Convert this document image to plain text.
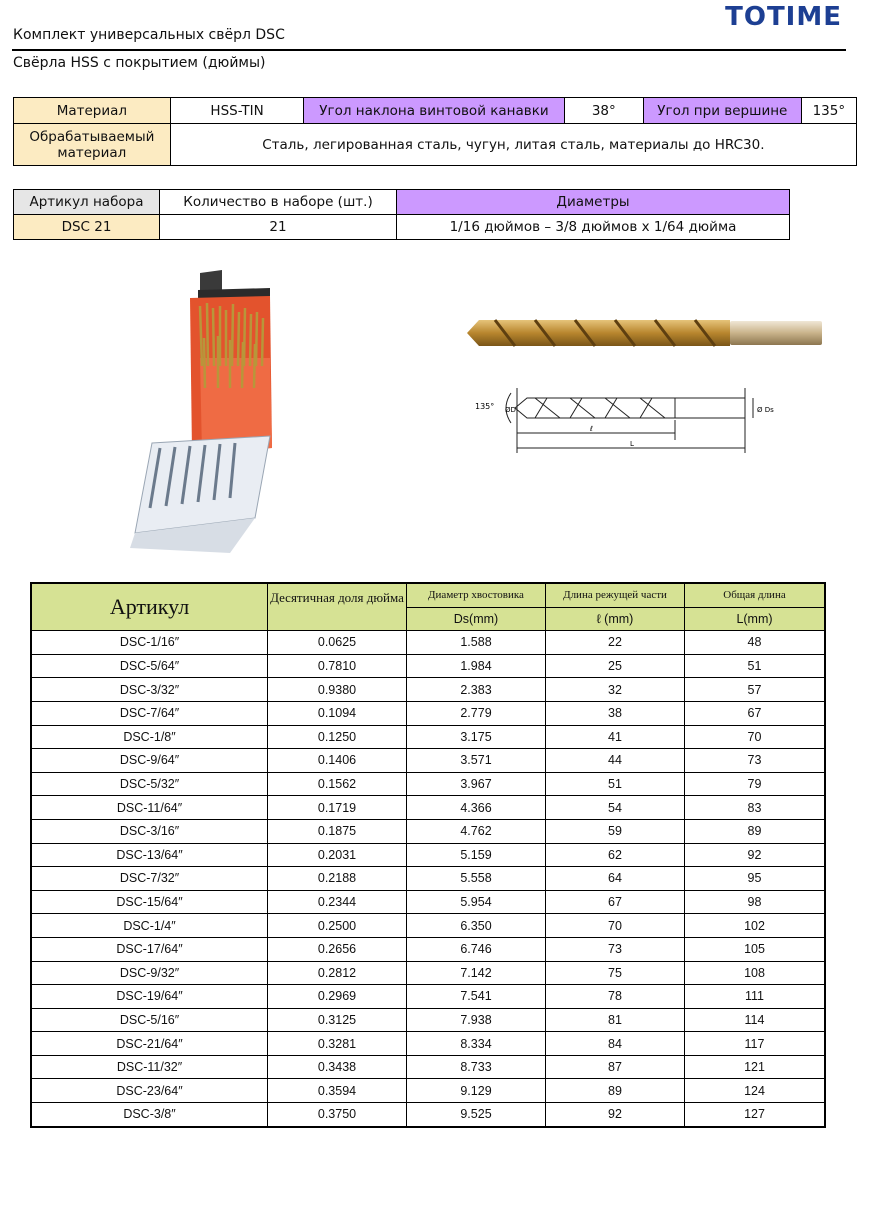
TOTIME
Комплект универсальных свёрл DSC
Свёрла HSS с покрытием (дюймы)
Материал	HSS-TIN	Угол наклона винтовой канавки	38°	Угол при вершине	135°
Обрабатываемый материал	Сталь, легированная сталь, чугун, литая сталь, материалы до HRC30.				
Артикул набора	Количество в наборе (шт.)	Диаметры
DSC 21	21	1/16 дюймов – 3/8 дюймов х 1/64 дюйма
135° ØD	Ø Ds
ℓ
L
Артикул	Десятичная доля дюйма	Диаметр хвостовика	Длина режущей части	Общая длина
		Ds(mm)	ℓ (mm)	L(mm)
DSC-1/16″	0.0625	1.588	22	48
DSC-5/64″	0.7810	1.984	25	51
DSC-3/32″	0.9380	2.383	32	57
DSC-7/64″	0.1094	2.779	38	67
DSC-1/8″	0.1250	3.175	41	70
DSC-9/64″	0.1406	3.571	44	73
DSC-5/32″	0.1562	3.967	51	79
DSC-11/64″	0.1719	4.366	54	83
DSC-3/16″	0.1875	4.762	59	89
DSC-13/64″	0.2031	5.159	62	92
DSC-7/32″	0.2188	5.558	64	95
DSC-15/64″	0.2344	5.954	67	98
DSC-1/4″	0.2500	6.350	70	102
DSC-17/64″	0.2656	6.746	73	105
DSC-9/32″	0.2812	7.142	75	108
DSC-19/64″	0.2969	7.541	78	111
DSC-5/16″	0.3125	7.938	81	114
DSC-21/64″	0.3281	8.334	84	117
DSC-11/32″	0.3438	8.733	87	121
DSC-23/64″	0.3594	9.129	89	124
DSC-3/8″	0.3750	9.525	92	127
